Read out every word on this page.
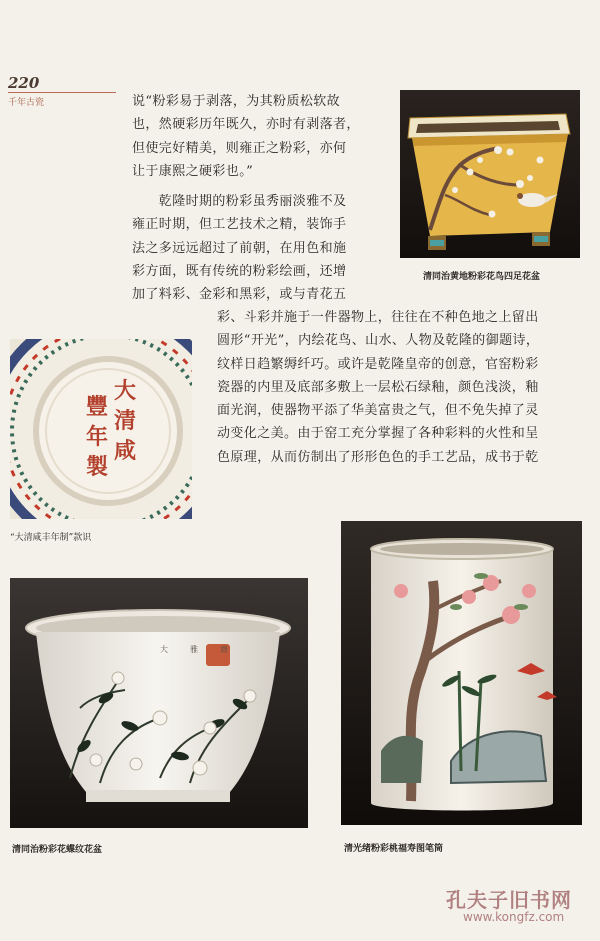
220
千年古瓷	说“粉彩易于剥落，为其粉质松软故
也，然硬彩历年既久，亦时有剥落者，
但使完好精美，则雍正之粉彩，亦何
让于康熙之硬彩也。”
　　乾隆时期的粉彩虽秀丽淡雅不及
雍正时期，但工艺技术之精，装饰手
法之多远远超过了前朝，在用色和施
彩方面，既有传统的粉彩绘画，还增
加了料彩、金彩和黑彩，或与青花五
彩、斗彩并施于一件器物上，往往在不种色地之上留出
圆形“开光”，内绘花鸟、山水、人物及乾隆的御题诗，
纹样日趋繁缛纤巧。或许是乾隆皇帝的创意，官窑粉彩
瓷器的内里及底部多敷上一层松石绿釉，颜色浅淡，釉
面光润，使器物平添了华美富贵之气，但不免失掉了灵
动变化之美。由于窑工充分掌握了各种彩料的火性和呈
色原理，从而仿制出了形形色色的手工艺品，成书于乾
清同治黄地粉彩花鸟四足花盆
大
清
咸
豐
年
製
“大清咸丰年制”款识
大雅齋
清同治粉彩花蝶纹花盆	清光绪粉彩桃福寿图笔筒
孔夫子旧书网
www.kongfz.com
